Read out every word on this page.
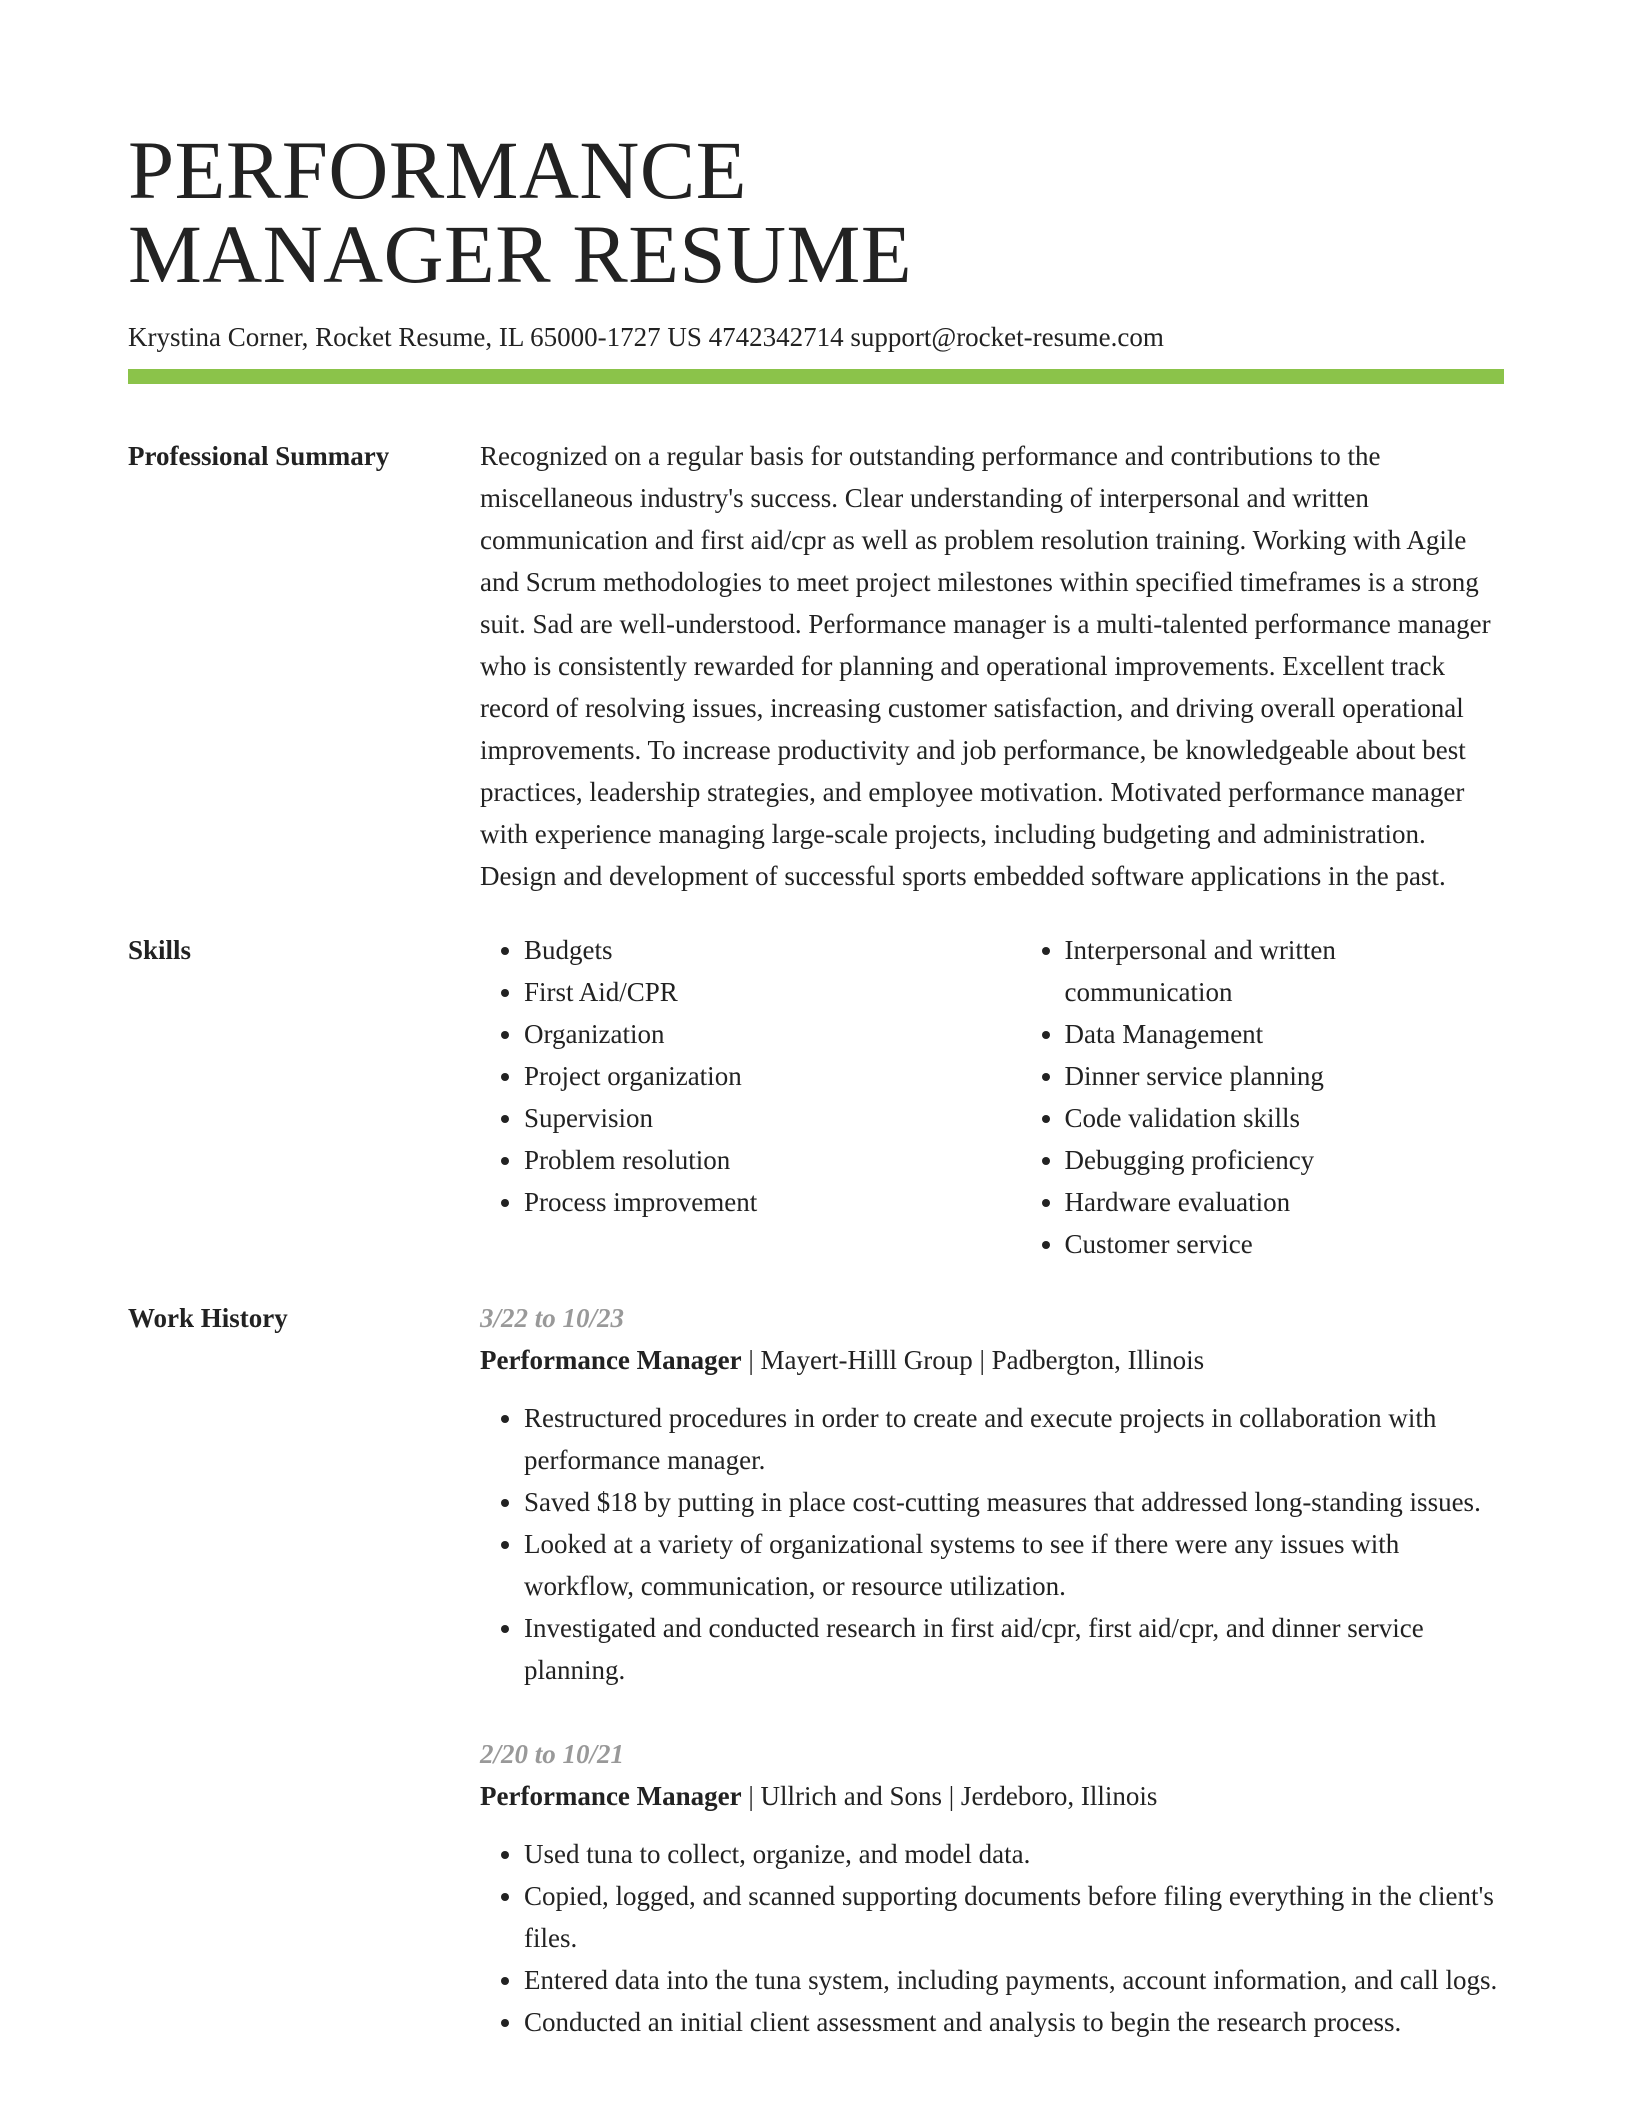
PERFORMANCE
MANAGER RESUME
Krystina Corner, Rocket Resume, IL 65000-1727 US 4742342714 support@rocket-resume.com
Professional Summary	Recognized on a regular basis for outstanding performance and contributions to the miscellaneous industry's success. Clear understanding of interpersonal and written communication and first aid/cpr as well as problem resolution training. Working with Agile and Scrum methodologies to meet project milestones within specified timeframes is a strong suit. Sad are well-understood. Performance manager is a multi-talented performance manager who is consistently rewarded for planning and operational improvements. Excellent track record of resolving issues, increasing customer satisfaction, and driving overall operational improvements. To increase productivity and job performance, be knowledgeable about best practices, leadership strategies, and employee motivation. Motivated performance manager with experience managing large-scale projects, including budgeting and administration. Design and development of successful sports embedded software applications in the past.
Skills
•	Budgets
• First Aid/CPR
• Organization
• Project organization
• Supervision
• Problem resolution
• Process improvement
• Interpersonal and written communication
• Data Management
• Dinner service planning
• Code validation skills
• Debugging proficiency
• Hardware evaluation
• Customer service
Work History	3/22 to 10/23
Performance Manager | Mayert-Hilll Group | Padbergton, Illinois
• Restructured procedures in order to create and execute projects in collaboration with performance manager.
• Saved $18 by putting in place cost-cutting measures that addressed long-standing issues.
• Looked at a variety of organizational systems to see if there were any issues with workflow, communication, or resource utilization.
• Investigated and conducted research in first aid/cpr, first aid/cpr, and dinner service planning.
2/20 to 10/21
Performance Manager | Ullrich and Sons | Jerdeboro, Illinois
• Used tuna to collect, organize, and model data.
• Copied, logged, and scanned supporting documents before filing everything in the client's files.
• Entered data into the tuna system, including payments, account information, and call logs.
• Conducted an initial client assessment and analysis to begin the research process.
